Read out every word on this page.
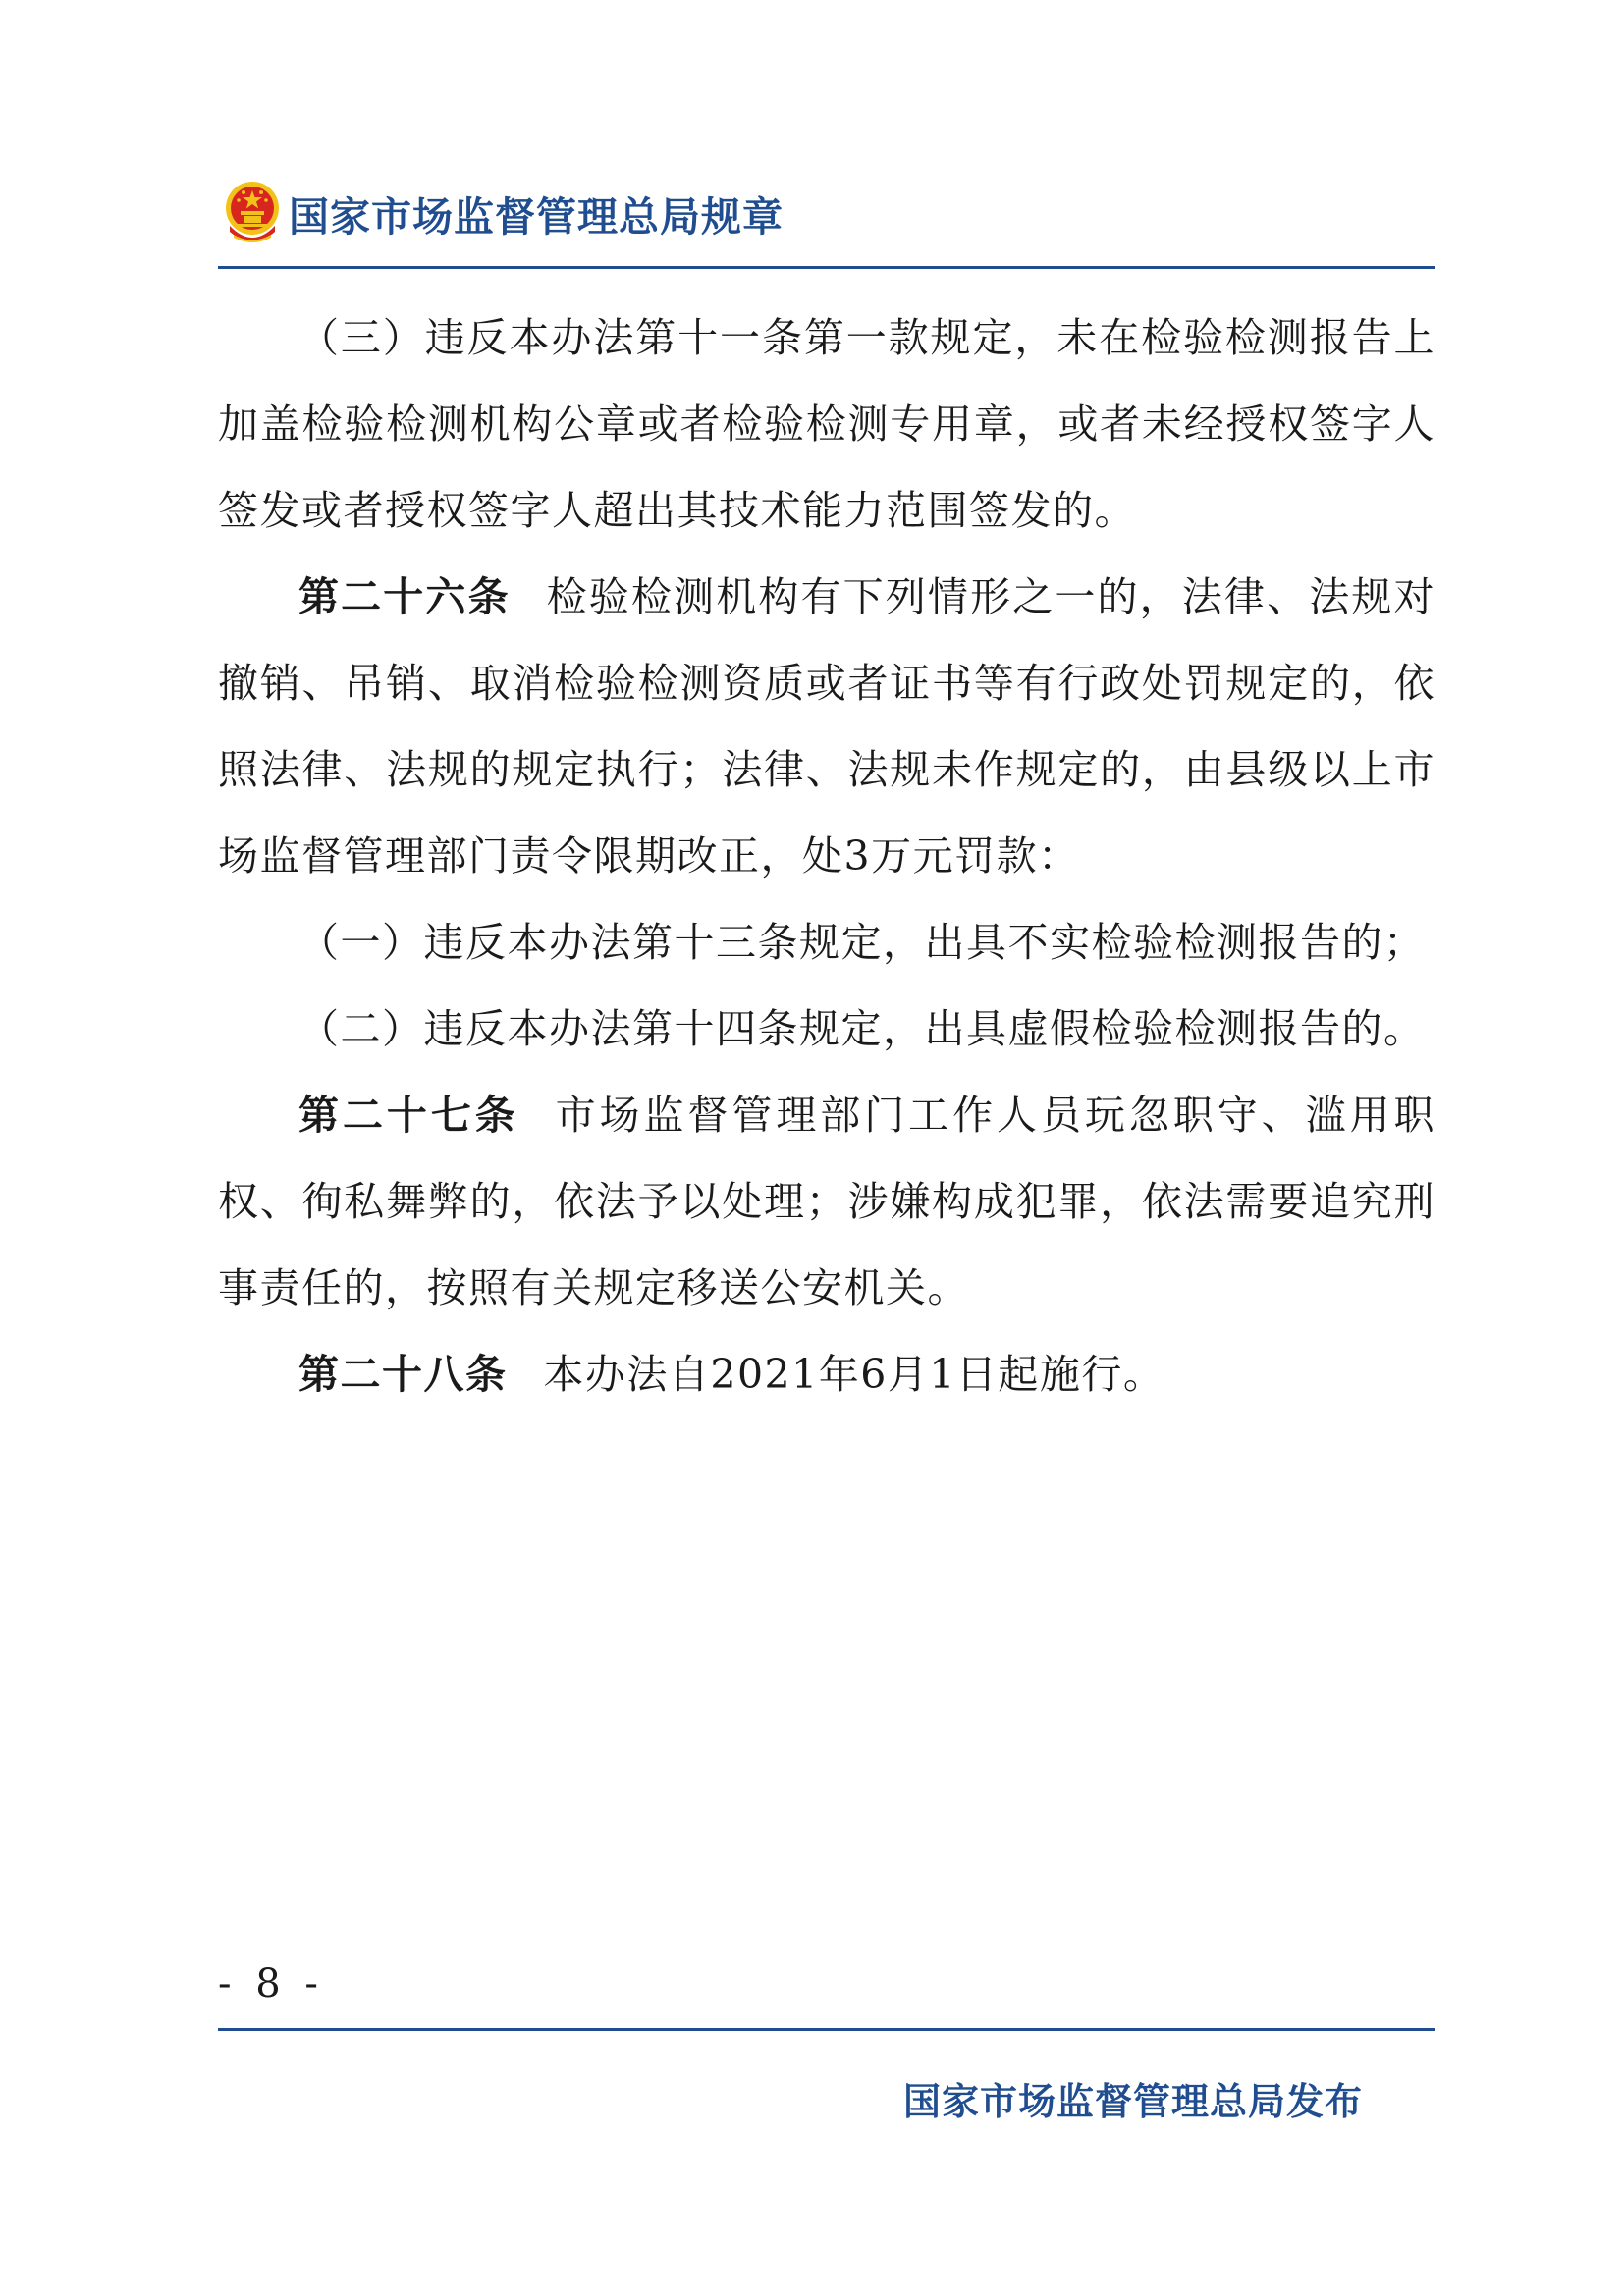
国家市场监督管理总局规章

（三）违反本办法第十一条第一款规定，未在检验检测报告上加盖检验检测机构公章或者检验检测专用章，或者未经授权签字人签发或者授权签字人超出其技术能力范围签发的。

第二十六条 检验检测机构有下列情形之一的，法律、法规对撤销、吊销、取消检验检测资质或者证书等有行政处罚规定的，依照法律、法规的规定执行；法律、法规未作规定的，由县级以上市场监督管理部门责令限期改正，处3万元罚款：

（一）违反本办法第十三条规定，出具不实检验检测报告的；

（二）违反本办法第十四条规定，出具虚假检验检测报告的。

第二十七条 市场监督管理部门工作人员玩忽职守、滥用职权、徇私舞弊的，依法予以处理；涉嫌构成犯罪，依法需要追究刑事责任的，按照有关规定移送公安机关。

第二十八条 本办法自2021年6月1日起施行。

- 8 -
国家市场监督管理总局发布
